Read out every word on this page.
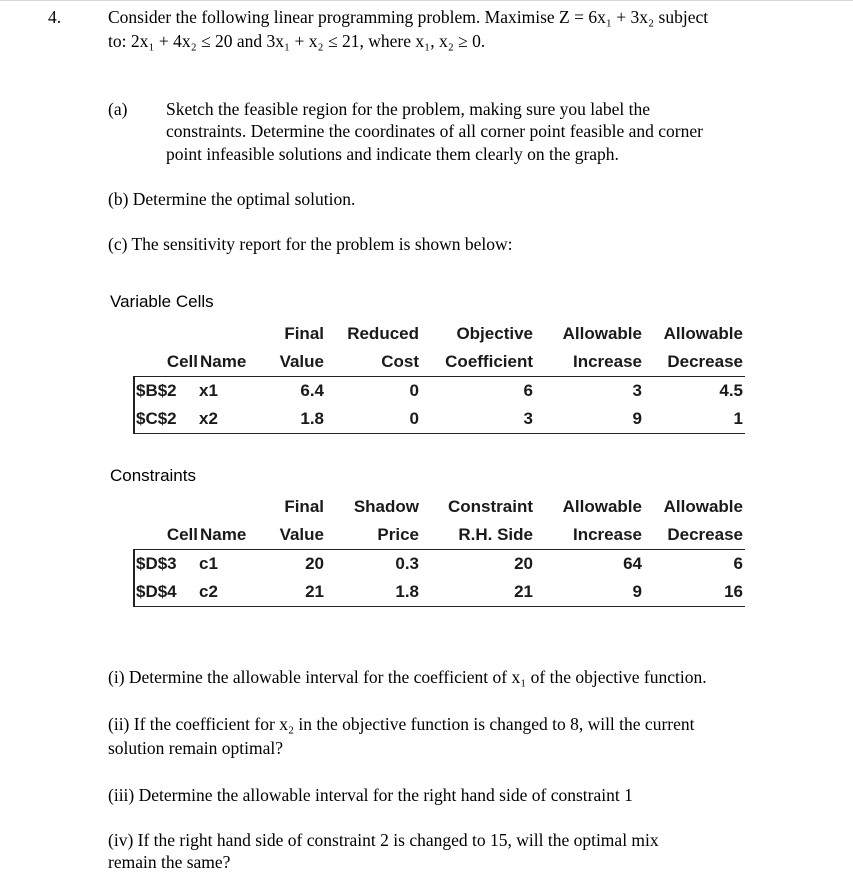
4.	Consider the following linear programming problem. Maximise Z = 6x₁ + 3x₂ subject
to: 2x₁ + 4x₂ ≤ 20 and 3x₁ + x₂ ≤ 21, where x₁, x₂ ≥ 0.
(a) Sketch the feasible region for the problem, making sure you label the
constraints. Determine the coordinates of all corner point feasible and corner
point infeasible solutions and indicate them clearly on the graph.
(b) Determine the optimal solution.
(c) The sensitivity report for the problem is shown below:
Variable Cells
Final	Reduced	Objective	Allowable	Allowable
Cell Name	Value	Cost	Coefficient	Increase	Decrease
$B$2	x1	6.4	0	6	3	4.5
$C$2	x2	1.8	0	3	9	1
Constraints
Final	Shadow	Constraint	Allowable	Allowable
Cell Name	Value	Price	R.H. Side	Increase	Decrease
$D$3	c1	20	0.3	20	64	6
$D$4	c2	21	1.8	21	9	16
(i) Determine the allowable interval for the coefficient of x₁ of the objective function.
(ii) If the coefficient for x₂ in the objective function is changed to 8, will the current
solution remain optimal?
(iii) Determine the allowable interval for the right hand side of constraint 1
(iv) If the right hand side of constraint 2 is changed to 15, will the optimal mix
remain the same?
